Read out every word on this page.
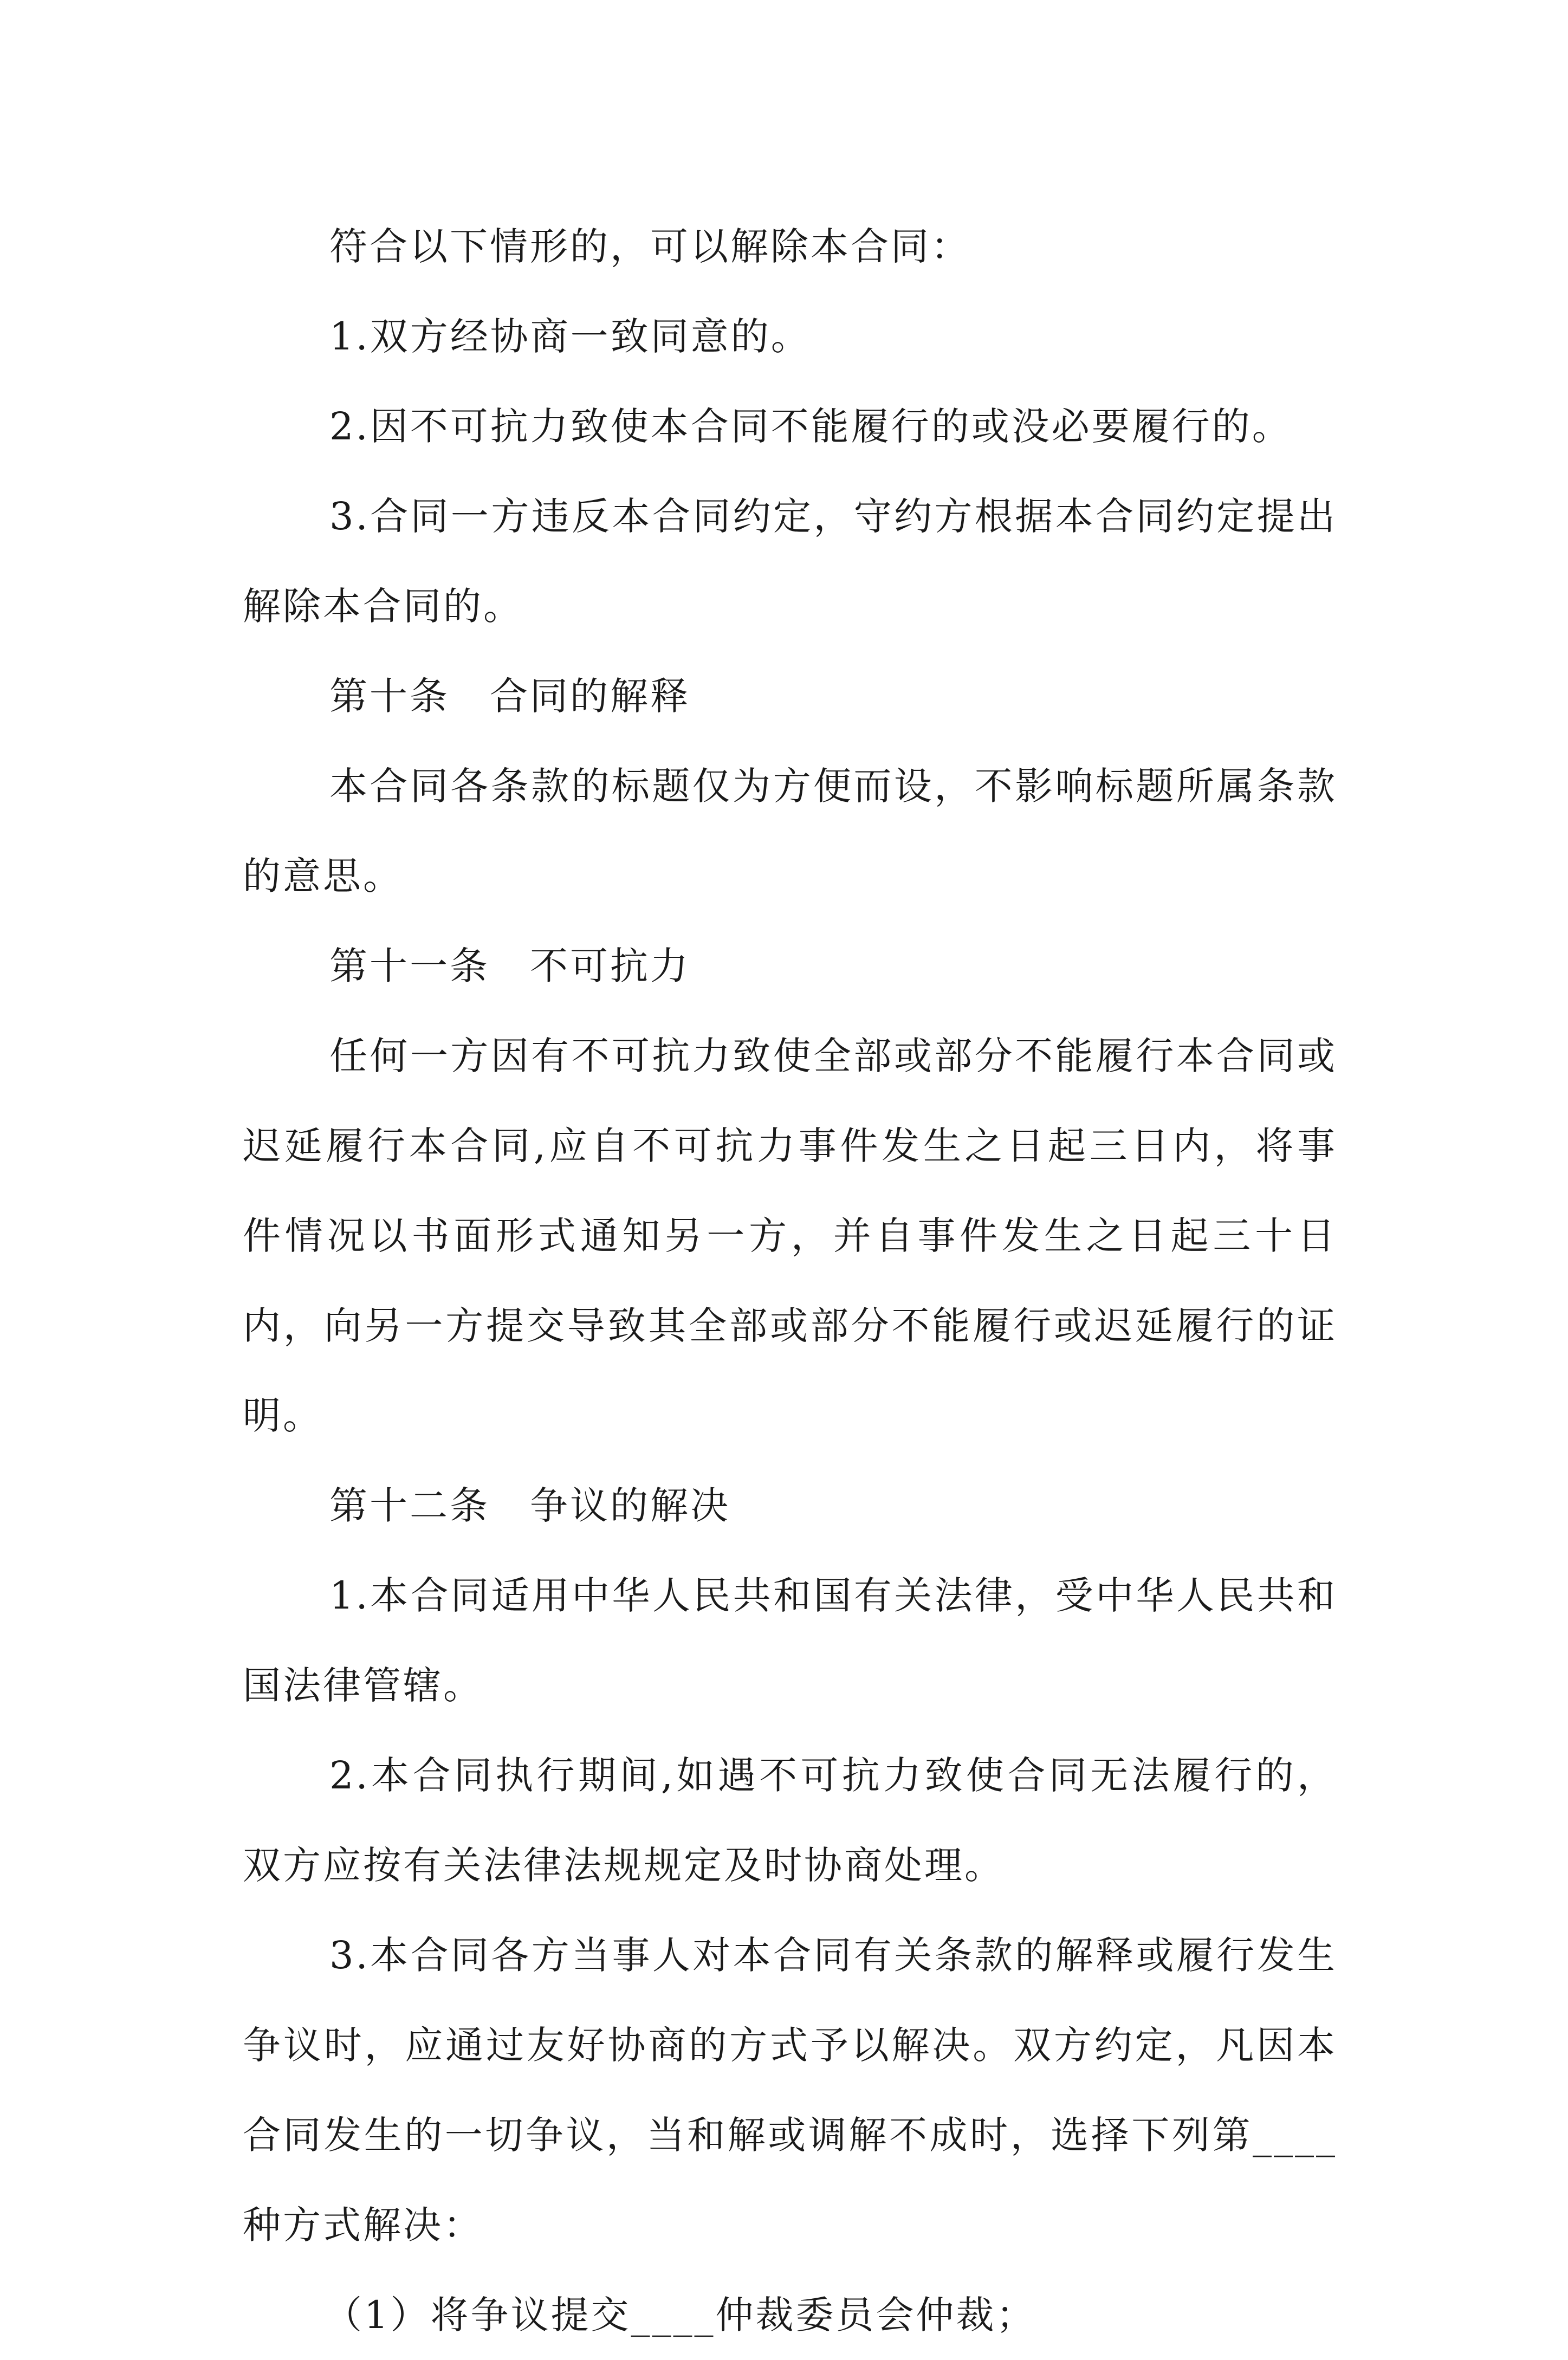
符合以下情形的，可以解除本合同：

1.双方经协商一致同意的。

2.因不可抗力致使本合同不能履行的或没必要履行的。

3.合同一方违反本合同约定，守约方根据本合同约定提出解除本合同的。

第十条　合同的解释

本合同各条款的标题仅为方便而设，不影响标题所属条款的意思。

第十一条　不可抗力

任何一方因有不可抗力致使全部或部分不能履行本合同或迟延履行本合同,应自不可抗力事件发生之日起三日内，将事件情况以书面形式通知另一方，并自事件发生之日起三十日内，向另一方提交导致其全部或部分不能履行或迟延履行的证明。

第十二条　争议的解决

1.本合同适用中华人民共和国有关法律，受中华人民共和国法律管辖。

2.本合同执行期间,如遇不可抗力致使合同无法履行的，双方应按有关法律法规规定及时协商处理。

3.本合同各方当事人对本合同有关条款的解释或履行发生争议时，应通过友好协商的方式予以解决。双方约定，凡因本合同发生的一切争议，当和解或调解不成时，选择下列第____种方式解决：

（1）将争议提交____仲裁委员会仲裁；
